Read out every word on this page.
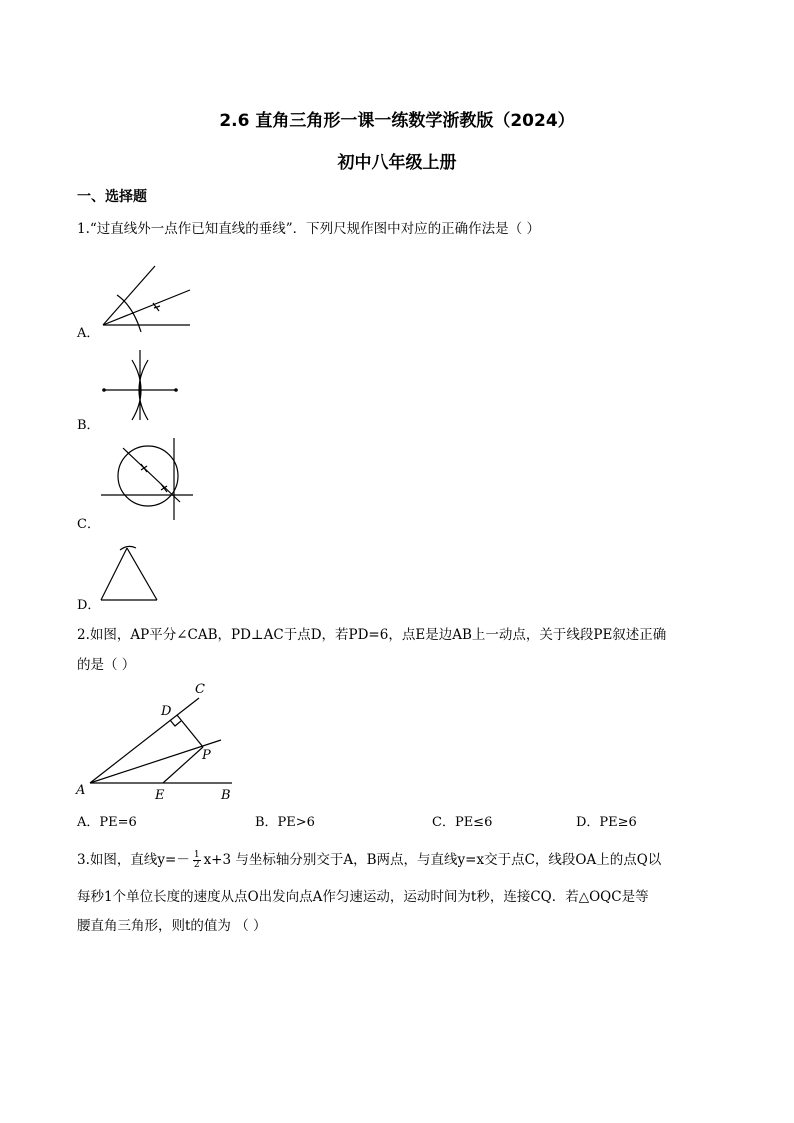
2.6 直角三角形一课一练数学浙教版（2024）
初中八年级上册
一、选择题
1.“过直线外一点作已知直线的垂线”．下列尺规作图中对应的正确作法是（ ）
A．
B．
C．
D．
2.如图，AP平分∠CAB，PD⊥AC于点D，若PD=6，点E是边AB上一动点，关于线段PE叙述正确
的是（ ）
C
D
P
A	E	B
A．PE=6	B．PE>6	C．PE≤6	D．PE≥6
3.如图，直线$y=- \frac{1}{2} x+3$ 与坐标轴分别交于A，B两点，与直线y=x交于点C，线段OA上的点Q以
每秒1个单位长度的速度从点O出发向点A作匀速运动，运动时间为t秒，连接CQ．若△OQC是等
腰直角三角形，则t的值为 （ ）
